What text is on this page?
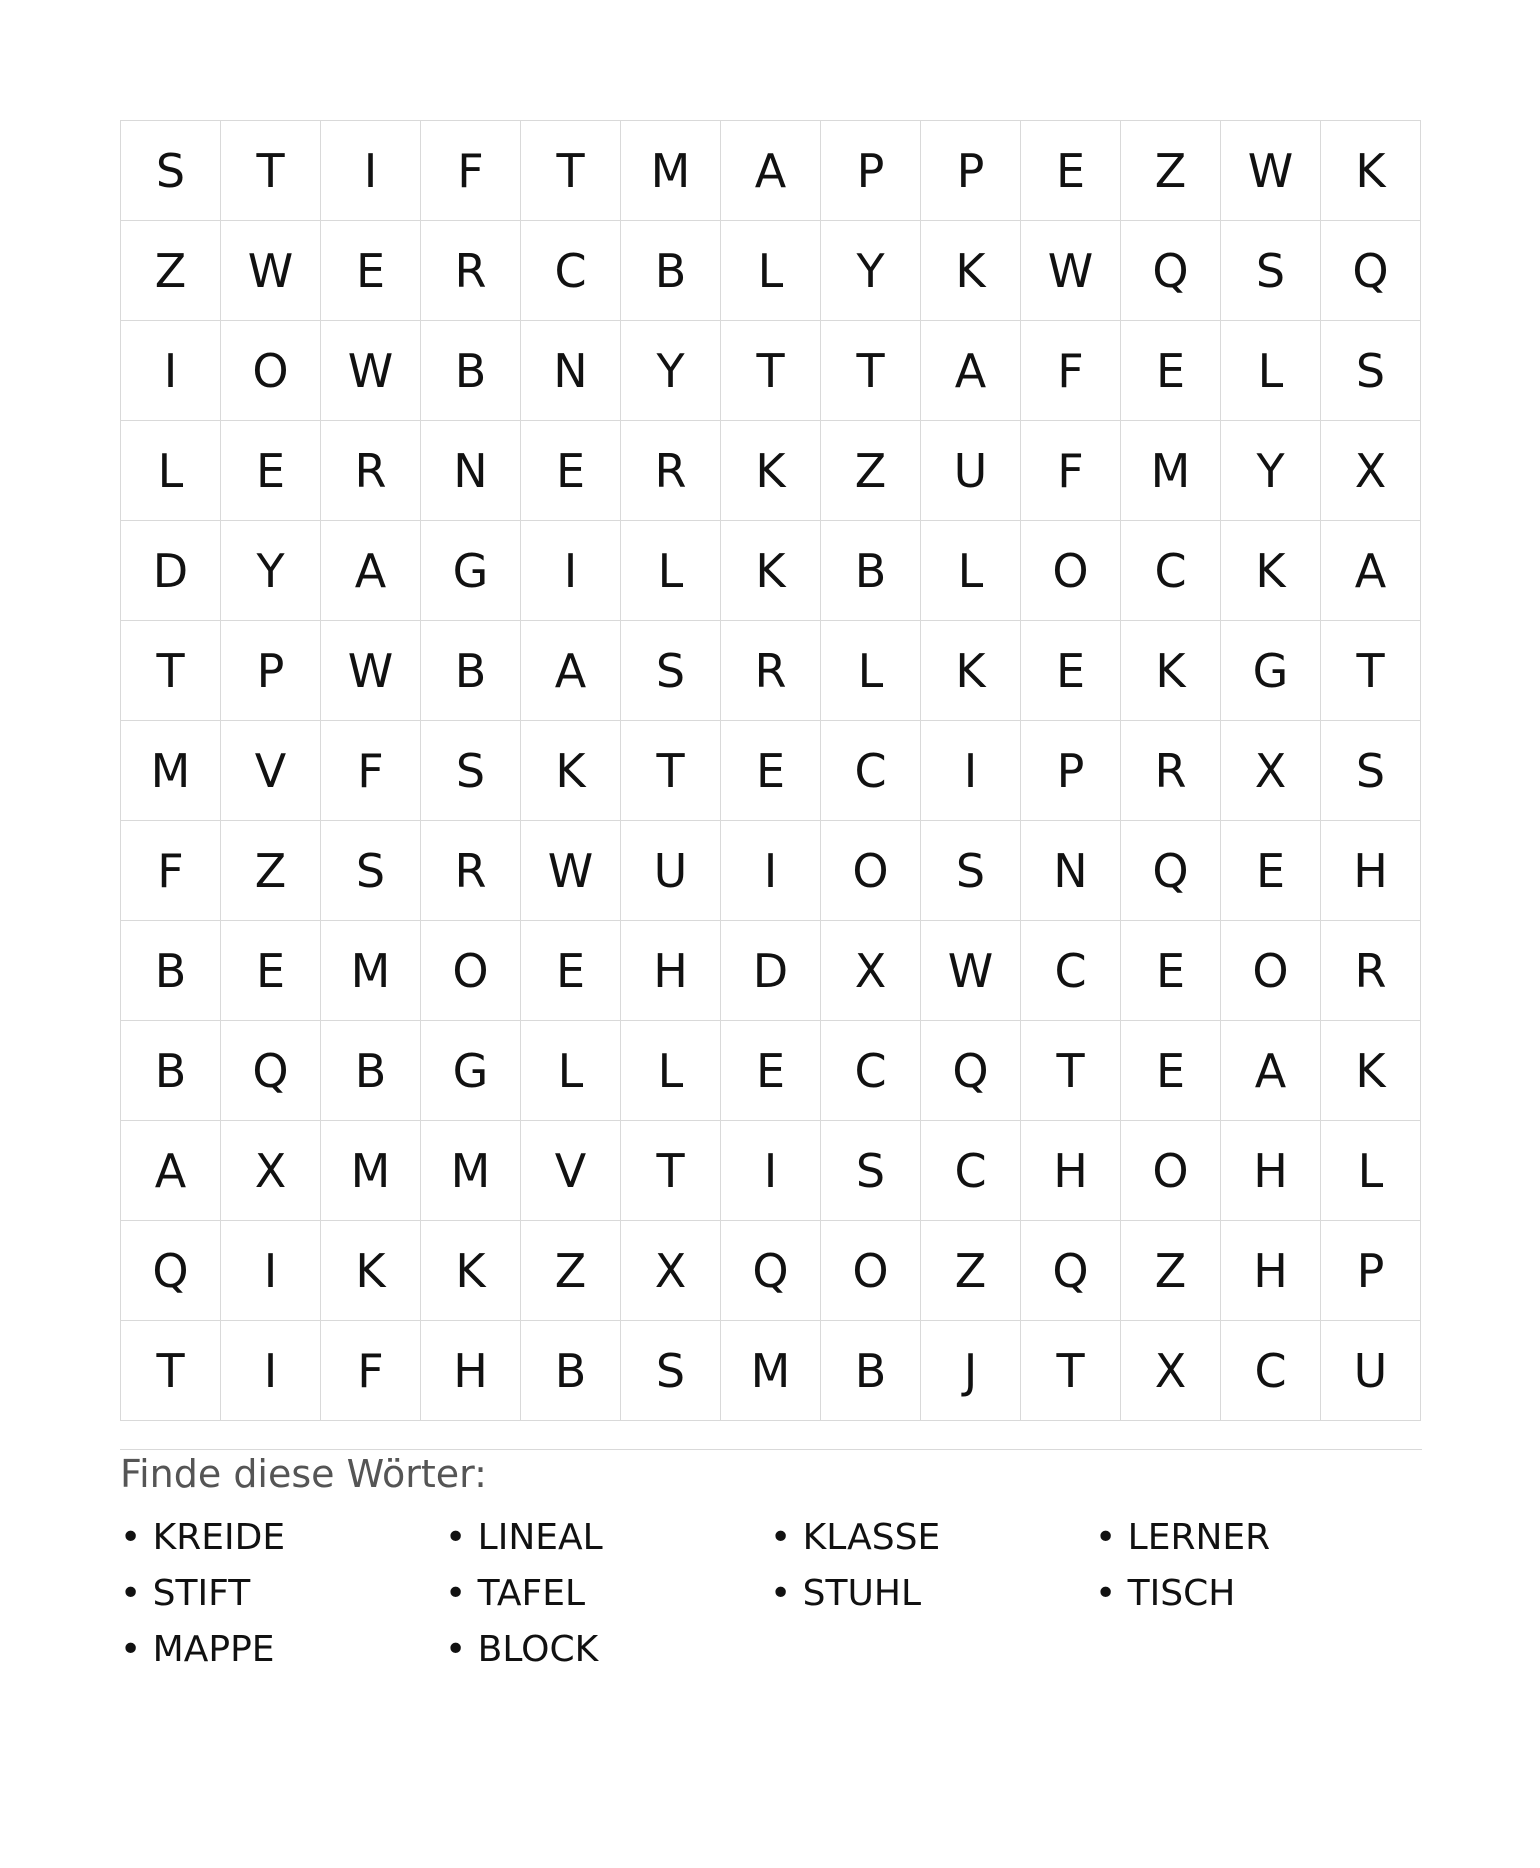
S	T	I	F	T	M	A	P	P	E	Z	W	K
Z	W	E	R	C	B	L	Y	K	W	Q	S	Q
I	O	W	B	N	Y	T	T	A	F	E	L	S
L	E	R	N	E	R	K	Z	U	F	M	Y	X
D	Y	A	G	I	L	K	B	L	O	C	K	A
T	P	W	B	A	S	R	L	K	E	K	G	T
M	V	F	S	K	T	E	C	I	P	R	X	S
F	Z	S	R	W	U	I	O	S	N	Q	E	H
B	E	M	O	E	H	D	X	W	C	E	O	R
B	Q	B	G	L	L	E	C	Q	T	E	A	K
A	X	M	M	V	T	I	S	C	H	O	H	L
Q	I	K	K	Z	X	Q	O	Z	Q	Z	H	P
T	I	F	H	B	S	M	B	J	T	X	C	U
Finde diese Wörter:
• KREIDE	• LINEAL	• KLASSE	• LERNER
• STIFT	• TAFEL	• STUHL	• TISCH
• MAPPE	• BLOCK
